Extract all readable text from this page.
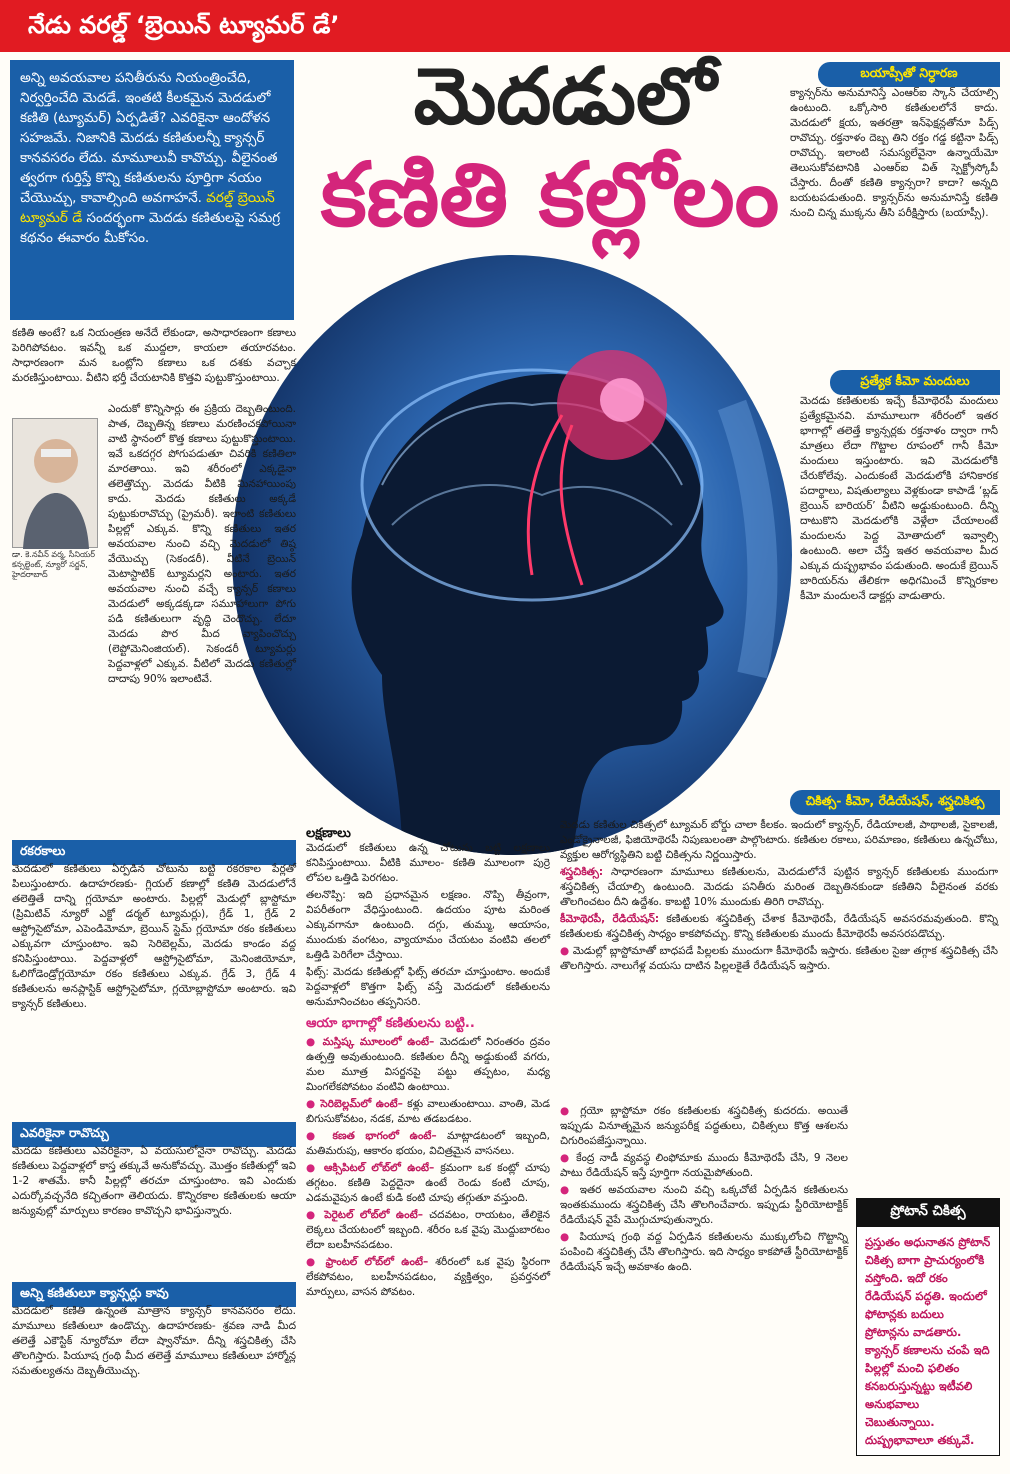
నేడు వరల్డ్ ‘బ్రెయిన్ ట్యూమర్ డే’
అన్ని అవయవాల పనితీరును నియంత్రించేది, నిర్వర్తించేది మెదడే. ఇంతటి కీలకమైన మెదడులో కణితి (ట్యూమర్) ఏర్పడితే? ఎవరికైనా ఆందోళన సహజమే. నిజానికి మెదడు కణితులన్నీ క్యాన్సర్ కానవసరం లేదు. మామూలువీ కావొచ్చు. వీలైనంత త్వరగా గుర్తిస్తే కొన్ని కణితులను పూర్తిగా నయం చేయొచ్చు, కావాల్సింది అవగాహనే. వరల్డ్ బ్రెయిన్ ట్యూమర్ డే సందర్భంగా మెదడు కణితులపై సమగ్ర కథనం ఈవారం మీకోసం.
మెదడులో
కణితి కల్లోలం

కణితి అంటే? ఒక నియంత్రణ అనేదే లేకుండా, అసాధారణంగా కణాలు పెరిగిపోవటం. ఇవన్నీ ఒక ముద్దలా, కాయలా తయారవటం. సాధారణంగా మన ఒంట్లోని కణాలు ఒక దశకు వచ్చాక మరణిస్తుంటాయి. వీటిని భర్తీ చేయటానికి కొత్తవి పుట్టుకొస్తుంటాయి.

డా. కె.నవీన్ వర్మ, సీనియర్ కన్సల్టెంట్, న్యూరో సర్జన్, హైదరాబాద్

ఎందుకో కొన్నిసార్లు ఈ ప్రక్రియ దెబ్బతింటుంది. పాత, దెబ్బతిన్న కణాలు మరణించకపోయినా వాటి స్థానంలో కొత్త కణాలు పుట్టుకొస్తుంటాయి. ఇవే ఒకదగ్గర పోగుపడుతూ చివరికి కణితిలా మారతాయి. ఇవి శరీరంలో ఎక్కడైనా తలెత్తొచ్చు. మెదడు వీటికి మినహాయింపు కాదు. మెదడు కణితులు అక్కడే పుట్టుకురావొచ్చు (ప్రైమరీ). ఇలాంటి కణితులు పిల్లల్లో ఎక్కువ. కొన్ని కణితులు ఇతర అవయవాల నుంచి వచ్చి మెదడులో తిష్ఠ వేయొచ్చు (సెకండరీ). వీటినే బ్రెయిన్ మెటాస్టాటిక్ ట్యూమర్లని అంటారు. ఇతర అవయవాల నుంచి వచ్చే క్యాన్సర్ కణాలు మెదడులో అక్కడక్కడా సమూహాలుగా పోగు పడి కణితులుగా వృద్ధి చెందొచ్చు. లేదూ మెదడు పొర మీద వ్యాపించొచ్చు (లెప్టోమెనింజియల్). సెకండరీ ట్యూమర్లు పెద్దవాళ్లలో ఎక్కువ. వీటిలో మెదడు కణితుల్లో దాదాపు 90% ఇలాంటివే.

రకరకాలు
మెదడులో కణితులు ఏర్పడిన చోటును బట్టి రకరకాల పేర్లతో పిలుస్తుంటారు. ఉదాహరణకు- గ్లియల్ కణాల్లో కణితి మెదడులోనే తలెత్తితే దాన్ని గ్లయోమా అంటారు. పిల్లల్లో మెడుల్లో బ్లాస్టోమా (ప్రిమిటివ్ న్యూరో ఎక్టో డర్మల్ ట్యూమర్లు), గ్రేడ్ 1, గ్రేడ్ 2 ఆస్ట్రోసైటోమా, ఎపెండిమోమా, బ్రెయిన్ స్టెమ్ గ్లయోమా రకం కణితులు ఎక్కువగా చూస్తుంటాం. ఇవి సెరిబెల్లమ్, మెదడు కాండం వద్ద కనిపిస్తుంటాయి. పెద్దవాళ్లలో ఆస్ట్రోసైటోమా, మెనింజియోమా, ఓలిగోడెండ్రోగ్లయోమా రకం కణితులు ఎక్కువ. గ్రేడ్ 3, గ్రేడ్ 4 కణితులను అనప్లాస్టిక్ ఆస్ట్రోసైటోమా, గ్లయోబ్లాస్టోమా అంటారు. ఇవి క్యాన్సర్ కణితులు.
ఎవరికైనా రావొచ్చు
మెదడు కణితులు ఎవరికైనా, ఏ వయసులోనైనా రావొచ్చు. మెదడు కణితులు పెద్దవాళ్లలో కాస్త తక్కువే అనుకోవచ్చు. మొత్తం కణితుల్లో ఇవి 1-2 శాతమే. కానీ పిల్లల్లో తరచూ చూస్తుంటాం. ఇవి ఎందుకు ఎదుర్కోవచ్చనేది కచ్చితంగా తెలియదు. కొన్నిరకాల కణితులకు ఆయా జన్యువుల్లో మార్పులు కారణం కావొచ్చని భావిస్తున్నారు.
అన్ని కణితులూ క్యాన్సర్లు కావు
మెదడులో కణితి ఉన్నంత మాత్రాన క్యాన్సర్ కానవసరం లేదు. మామూలు కణితులూ ఉండొచ్చు. ఉదాహరణకు- శ్రవణ నాడి మీద తలెత్తే ఎకౌస్టిక్ న్యూరోమా లేదా ష్వానోమా. దీన్ని శస్త్రచికిత్స చేసి తొలగిస్తారు. పియూష గ్రంథి మీద తలెత్తే మామూలు కణితులూ హార్మోన్ల సమతుల్యతను దెబ్బతీయొచ్చు.
బయాప్సీతో నిర్ధారణ
క్యాన్సర్‌ను అనుమానిస్తే ఎంఆర్ఐ స్కాన్ చేయాల్సి ఉంటుంది. ఒక్కోసారి కణితులలోనే కాదు. మెదడులో క్షయ, ఇతరత్రా ఇన్‌ఫెక్షన్లతోనూ పిడ్స్ రావొచ్చు. రక్తనాళం దెబ్బ తిని రక్తం గడ్డ కట్టినా పిడ్స్ రావొచ్చు. ఇలాంటి సమస్యలేవైనా ఉన్నాయేమో తెలుసుకోవటానికి ఎంఆర్ఐ విత్ స్పెక్ట్రోస్కోపీ చేస్తారు. దీంతో కణితి క్యాన్సరా? కాదా? అన్నది బయటపడుతుంది. క్యాన్సర్‌ను అనుమానిస్తే కణితి నుంచి చిన్న ముక్కను తీసి పరీక్షిస్తారు (బయాప్సీ).
ప్రత్యేక కీమో మందులు
మెదడు కణితులకు ఇచ్చే కీమోథెరపీ మందులు ప్రత్యేకమైనవి. మామూలుగా శరీరంలో ఇతర భాగాల్లో తలెత్తే క్యాన్సర్లకు రక్తనాళం ద్వారా గానీ మాత్రలు లేదా గొట్టాల రూపంలో గానీ కీమో మందులు ఇస్తుంటారు. ఇవి మెదడులోకి చేరుకోలేవు. ఎందుకంటే మెదడులోకి హానికారక పదార్థాలు, విషతుల్యాలు వెళ్లకుండా కాపాడే ‘బ్లడ్ బ్రెయిన్ బారియర్’ వీటిని అడ్డుకుంటుంది. దీన్ని దాటుకొని మెదడులోకి వెళ్లేలా చేయాలంటే మందులను పెద్ద మోతాదులో ఇవ్వాల్సి ఉంటుంది. అలా చేస్తే ఇతర అవయవాల మీద ఎక్కువ దుష్ప్రభావం పడుతుంది. అందుకే బ్రెయిన్ బారియర్‌ను తేలికగా అధిగమించే కొన్నిరకాల కీమో మందులనే డాక్టర్లు వాడుతారు.
చికిత్స- కీమో, రేడియేషన్, శస్త్రచికిత్స
లక్షణాలు

మెదడులో కణితులు ఉన్న చోటును బట్టి లక్షణాలు కనిపిస్తుంటాయి. వీటికి మూలం- కణితి మూలంగా పుర్రె లోపల ఒత్తిడి పెరగటం.

తలనొప్పి: ఇది ప్రధానమైన లక్షణం. నొప్పి తీవ్రంగా, విపరీతంగా వేధిస్తుంటుంది. ఉదయం పూట మరింత ఎక్కువగానూ ఉంటుంది. దగ్గు, తుమ్ము, ఆయాసం, ముందుకు వంగటం, వ్యాయామం చేయటం వంటివి తలలో ఒత్తిడి పెరిగేలా చేస్తాయి.

ఫిట్స్: మెదడు కణితుల్లో ఫిట్స్ తరచూ చూస్తుంటాం. అందుకే పెద్దవాళ్లలో కొత్తగా ఫిట్స్ వస్తే మెదడులో కణితులను అనుమానించటం తప్పనిసరి.

ఆయా భాగాల్లో కణితులను బట్టి..

● మస్తిష్క మూలంలో ఉంటే– మెదడులో నిరంతరం ద్రవం ఉత్పత్తి అవుతుంటుంది. కణితుల దీన్ని అడ్డుకుంటే వగరు, మల మూత్ర విసర్జనపై పట్టు తప్పటం, మధ్య మింగలేకపోవటం వంటివి ఉంటాయి.

● సెరిబెల్లమ్‌లో ఉంటే– కళ్లు వాలుతుంటాయి. వాంతి, మెడ బిగుసుకోవటం, నడక, మాట తడబడటం.

● కణత భాగంలో ఉంటే– మాట్లాడటంలో ఇబ్బంది, మతిమరుపు, ఆకారం భయం, విచిత్రమైన వాసనలు.

● ఆక్సిపిటల్ లోబ్‌లో ఉంటే– క్రమంగా ఒక కంట్లో చూపు తగ్గటం. కణితి పెద్దదైనా ఉంటే రెండు కంటి చూపు, ఎడమవైపున ఉంటే కుడి కంటి చూపు తగ్గుతూ వస్తుంది.

● పెరైటల్ లోబ్‌లో ఉంటే– చదవటం, రాయటం, తేలికైన లెక్కలు చేయటంలో ఇబ్బంది. శరీరం ఒక వైపు మొద్దుబారటం లేదా బలహీనపడటం.

● ఫ్రాంటల్ లోబ్‌లో ఉంటే– శరీరంలో ఒక వైపు స్థిరంగా లేకపోవటం, బలహీనపడటం, వ్యక్తిత్వం, ప్రవర్తనలో మార్పులు, వాసన పోవటం.

మెదడు కణితుల చికిత్సలో ట్యూమర్ బోర్డు చాలా కీలకం. ఇందులో క్యాన్సర్, రేడియాలజీ, పాథాలజీ, సైకాలజీ, ఎండోక్రైనాలజీ, ఫిజియోథెరపీ నిపుణులంతా పాల్గొంటారు. కణితుల రకాలు, పరిమాణం, కణితులు ఉన్నచోటు, వ్యక్తుల ఆరోగ్యస్థితిని బట్టి చికిత్సను నిర్ణయిస్తారు.

శస్త్రచికిత్స: సాధారణంగా మామూలు కణితులను, మెదడులోనే పుట్టిన క్యాన్సర్ కణితులకు ముందుగా శస్త్రచికిత్స చేయాల్సి ఉంటుంది. మెదడు పనితీరు మరింత దెబ్బతినకుండా కణితిని వీలైనంత వరకు తొలగించటం దీని ఉద్దేశం. కాబట్టి 10% ముందుకు తిరిగి రావొచ్చు.

కీమోథెరపీ, రేడియేషన్: కణితులకు శస్త్రచికిత్స చేశాక కీమోథెరపీ, రేడియేషన్ అవసరమవుతుంది. కొన్ని కణితులకు శస్త్రచికిత్స సాధ్యం కాకపోవచ్చు. కొన్ని కణితులకు ముందు కీమోథెరపీ అవసరపడొచ్చు.

● మెడుల్లో బ్లాస్టోమాతో బాధపడే పిల్లలకు ముందుగా కీమోథెరపీ ఇస్తారు. కణితుల సైజు తగ్గాక శస్త్రచికిత్స చేసి తొలగిస్తారు. నాలుగేళ్ల వయసు దాటిన పిల్లలకైతే రేడియేషన్ ఇస్తారు.

● గ్లయో బ్లాస్టోమా రకం కణితులకు శస్త్రచికిత్స కుదరదు. అయితే ఇప్పుడు వినూత్నమైన జన్యుపరీక్ష పద్ధతులు, చికిత్సలు కొత్త ఆశలను చిగురింపజేస్తున్నాయి.

● కేంద్ర నాడీ వ్యవస్థ లింఫోమాకు ముందు కీమోథెరపీ చేసి, 9 నెలల పాటు రేడియేషన్ ఇస్తే పూర్తిగా నయమైపోతుంది.

● ఇతర అవయవాల నుంచి వచ్చి ఒక్కచోటే ఏర్పడిన కణితులను ఇంతకుముందు శస్త్రచికిత్స చేసి తొలగించేవారు. ఇప్పుడు స్టీరియోటాక్టిక్ రేడియేషన్ వైపే మొగ్గుచూపుతున్నారు.

● పియూష గ్రంథి వద్ద ఏర్పడిన కణితులను ముక్కులోంచి గొట్టాన్ని పంపించి శస్త్రచికిత్స చేసి తొలగిస్తారు. ఇది సాధ్యం కాకపోతే స్టీరియోటాక్టిక్ రేడియేషన్ ఇచ్చే అవకాశం ఉంది.

ప్రోటాన్ చికిత్స
ప్రస్తుతం అధునాతన ప్రోటాన్ చికిత్స బాగా ప్రాచుర్యంలోకి వస్తోంది. ఇదో రకం రేడియేషన్ పద్ధతి. ఇందులో ఫోటాన్లకు బదులు ప్రోటాన్లను వాడతారు. క్యాన్సర్ కణాలను చంపే ఇది పిల్లల్లో మంచి ఫలితం కనబరుస్తున్నట్టు ఇటీవలి అనుభవాలు చెబుతున్నాయి. దుష్ప్రభావాలూ తక్కువే.
